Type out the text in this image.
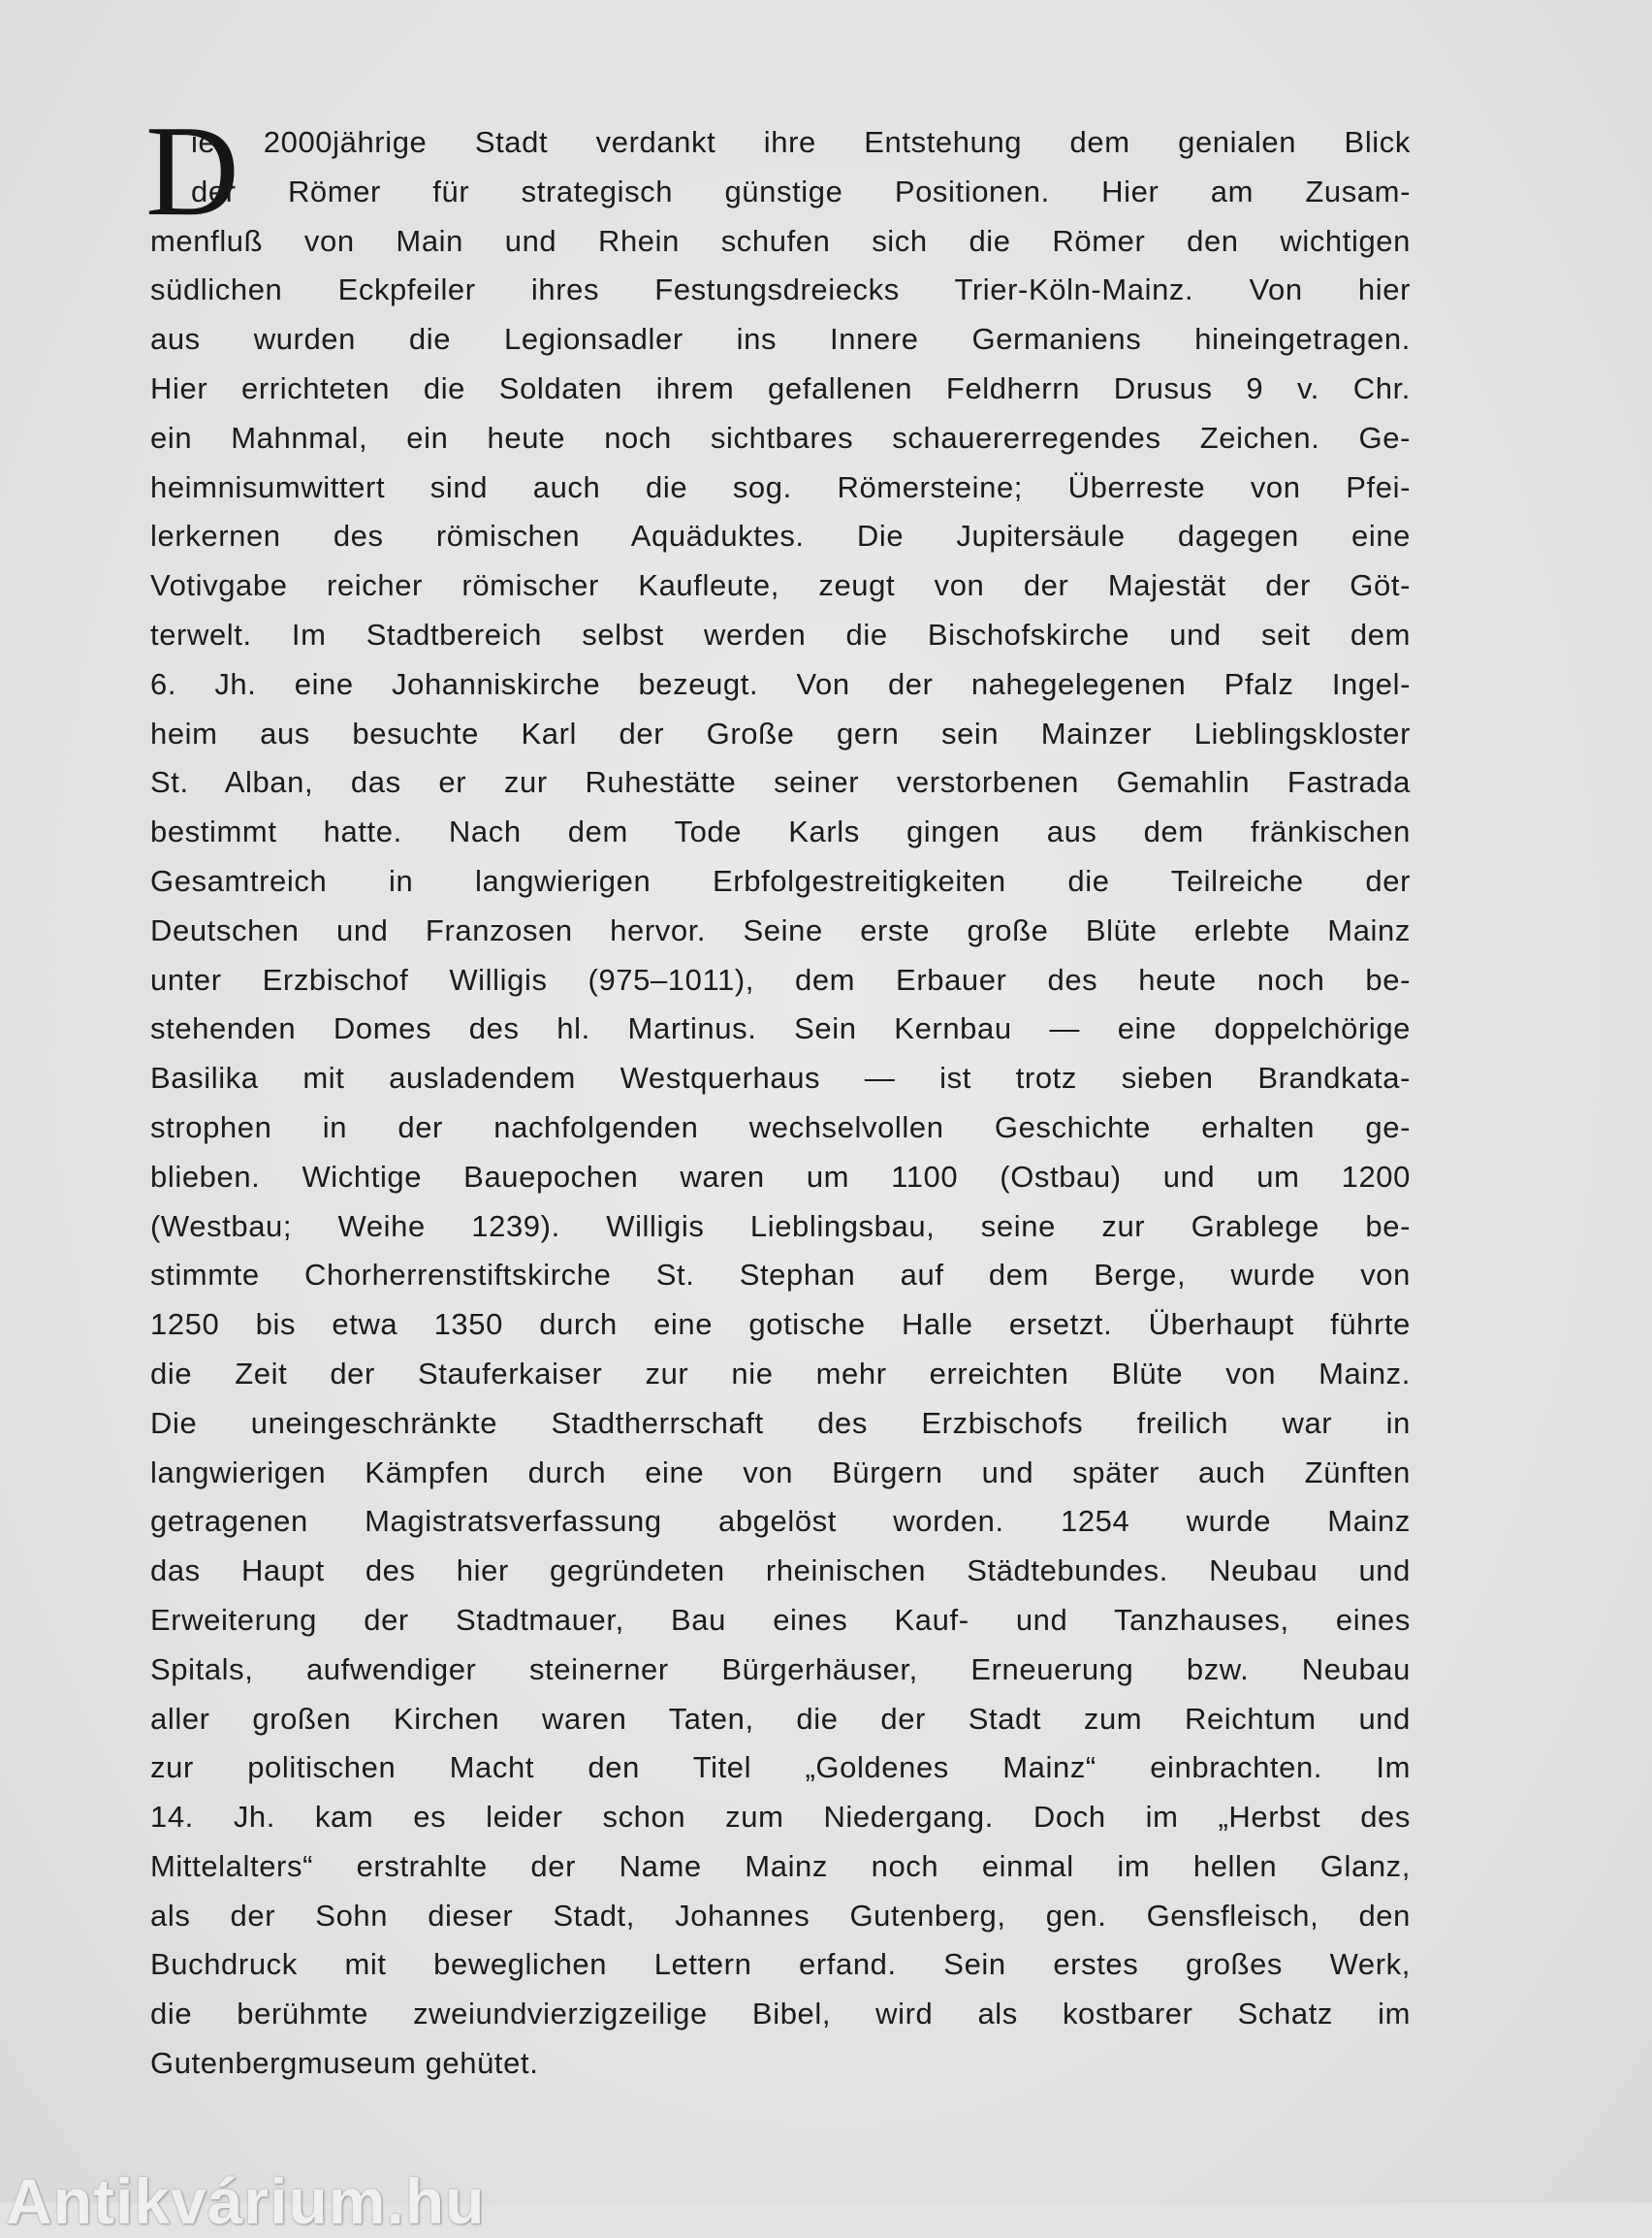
D
ie 2000jährige Stadt verdankt ihre Entstehung dem genialen Blick
der Römer für strategisch günstige Positionen. Hier am Zusam-
menfluß von Main und Rhein schufen sich die Römer den wichtigen
südlichen Eckpfeiler ihres Festungsdreiecks Trier-Köln-Mainz. Von hier
aus wurden die Legionsadler ins Innere Germaniens hineingetragen.
Hier errichteten die Soldaten ihrem gefallenen Feldherrn Drusus 9 v. Chr.
ein Mahnmal, ein heute noch sichtbares schauererregendes Zeichen. Ge-
heimnisumwittert sind auch die sog. Römersteine; Überreste von Pfei-
lerkernen des römischen Aquäduktes. Die Jupitersäule dagegen eine
Votivgabe reicher römischer Kaufleute, zeugt von der Majestät der Göt-
terwelt. Im Stadtbereich selbst werden die Bischofskirche und seit dem
6. Jh. eine Johanniskirche bezeugt. Von der nahegelegenen Pfalz Ingel-
heim aus besuchte Karl der Große gern sein Mainzer Lieblingskloster
St. Alban, das er zur Ruhestätte seiner verstorbenen Gemahlin Fastrada
bestimmt hatte. Nach dem Tode Karls gingen aus dem fränkischen
Gesamtreich in langwierigen Erbfolgestreitigkeiten die Teilreiche der
Deutschen und Franzosen hervor. Seine erste große Blüte erlebte Mainz
unter Erzbischof Willigis (975–1011), dem Erbauer des heute noch be-
stehenden Domes des hl. Martinus. Sein Kernbau — eine doppelchörige
Basilika mit ausladendem Westquerhaus — ist trotz sieben Brandkata-
strophen in der nachfolgenden wechselvollen Geschichte erhalten ge-
blieben. Wichtige Bauepochen waren um 1100 (Ostbau) und um 1200
(Westbau; Weihe 1239). Willigis Lieblingsbau, seine zur Grablege be-
stimmte Chorherrenstiftskirche St. Stephan auf dem Berge, wurde von
1250 bis etwa 1350 durch eine gotische Halle ersetzt. Überhaupt führte
die Zeit der Stauferkaiser zur nie mehr erreichten Blüte von Mainz.
Die uneingeschränkte Stadtherrschaft des Erzbischofs freilich war in
langwierigen Kämpfen durch eine von Bürgern und später auch Zünften
getragenen Magistratsverfassung abgelöst worden. 1254 wurde Mainz
das Haupt des hier gegründeten rheinischen Städtebundes. Neubau und
Erweiterung der Stadtmauer, Bau eines Kauf- und Tanzhauses, eines
Spitals, aufwendiger steinerner Bürgerhäuser, Erneuerung bzw. Neubau
aller großen Kirchen waren Taten, die der Stadt zum Reichtum und
zur politischen Macht den Titel „Goldenes Mainz“ einbrachten. Im
14. Jh. kam es leider schon zum Niedergang. Doch im „Herbst des
Mittelalters“ erstrahlte der Name Mainz noch einmal im hellen Glanz,
als der Sohn dieser Stadt, Johannes Gutenberg, gen. Gensfleisch, den
Buchdruck mit beweglichen Lettern erfand. Sein erstes großes Werk,
die berühmte zweiundvierzigzeilige Bibel, wird als kostbarer Schatz im
Gutenbergmuseum gehütet.
Antikvárium.hu
